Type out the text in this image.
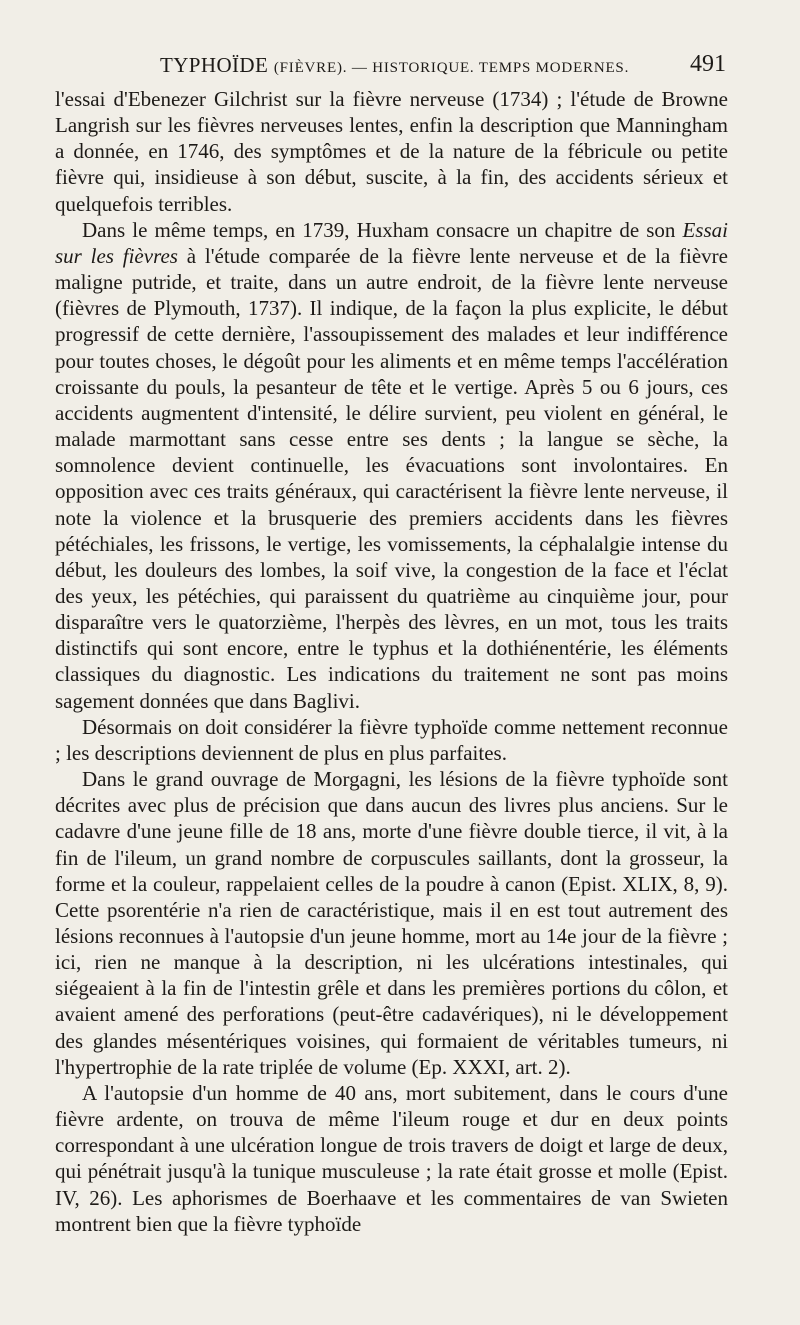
TYPHOÏDE (FIÈVRE). — HISTORIQUE. TEMPS MODERNES.	491

l'essai d'Ebenezer Gilchrist sur la fièvre nerveuse (1734) ; l'étude de Browne Langrish sur les fièvres nerveuses lentes, enfin la description que Manningham a donnée, en 1746, des symptômes et de la nature de la fébricule ou petite fièvre qui, insidieuse à son début, suscite, à la fin, des accidents sérieux et quelquefois terribles.

Dans le même temps, en 1739, Huxham consacre un chapitre de son Essai sur les fièvres à l'étude comparée de la fièvre lente nerveuse et de la fièvre maligne putride, et traite, dans un autre endroit, de la fièvre lente nerveuse (fièvres de Plymouth, 1737). Il indique, de la façon la plus explicite, le début progressif de cette dernière, l'assoupissement des malades et leur indifférence pour toutes choses, le dégoût pour les aliments et en même temps l'accélération croissante du pouls, la pesanteur de tête et le vertige. Après 5 ou 6 jours, ces accidents augmentent d'intensité, le délire survient, peu violent en général, le malade marmottant sans cesse entre ses dents ; la langue se sèche, la somnolence devient continuelle, les évacuations sont involontaires. En opposition avec ces traits généraux, qui caractérisent la fièvre lente nerveuse, il note la violence et la brusquerie des premiers accidents dans les fièvres pétéchiales, les frissons, le vertige, les vomissements, la céphalalgie intense du début, les douleurs des lombes, la soif vive, la congestion de la face et l'éclat des yeux, les pétéchies, qui paraissent du quatrième au cinquième jour, pour disparaître vers le quatorzième, l'herpès des lèvres, en un mot, tous les traits distinctifs qui sont encore, entre le typhus et la dothiénentérie, les éléments classiques du diagnostic. Les indications du traitement ne sont pas moins sagement données que dans Baglivi.

Désormais on doit considérer la fièvre typhoïde comme nettement reconnue ; les descriptions deviennent de plus en plus parfaites.

Dans le grand ouvrage de Morgagni, les lésions de la fièvre typhoïde sont décrites avec plus de précision que dans aucun des livres plus anciens. Sur le cadavre d'une jeune fille de 18 ans, morte d'une fièvre double tierce, il vit, à la fin de l'ileum, un grand nombre de corpuscules saillants, dont la grosseur, la forme et la couleur, rappelaient celles de la poudre à canon (Epist. XLIX, 8, 9). Cette psorentérie n'a rien de caractéristique, mais il en est tout autrement des lésions reconnues à l'autopsie d'un jeune homme, mort au 14e jour de la fièvre ; ici, rien ne manque à la description, ni les ulcérations intestinales, qui siégeaient à la fin de l'intestin grêle et dans les premières portions du côlon, et avaient amené des perforations (peut-être cadavériques), ni le développement des glandes mésentériques voisines, qui formaient de véritables tumeurs, ni l'hypertrophie de la rate triplée de volume (Ep. XXXI, art. 2).

A l'autopsie d'un homme de 40 ans, mort subitement, dans le cours d'une fièvre ardente, on trouva de même l'ileum rouge et dur en deux points correspondant à une ulcération longue de trois travers de doigt et large de deux, qui pénétrait jusqu'à la tunique musculeuse ; la rate était grosse et molle (Epist. IV, 26). Les aphorismes de Boerhaave et les commentaires de van Swieten montrent bien que la fièvre typhoïde
